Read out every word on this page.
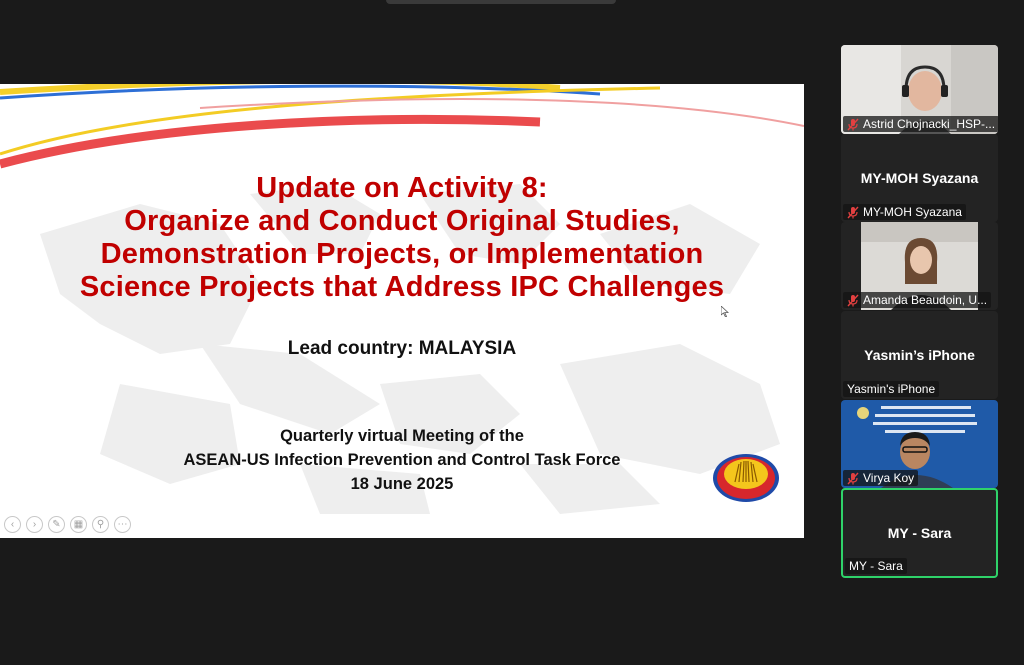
Update on Activity 8:
Organize and Conduct Original Studies,
Demonstration Projects, or Implementation
Science Projects that Address IPC Challenges
Lead country: MALAYSIA
Quarterly virtual Meeting of the
ASEAN-US Infection Prevention and Control Task Force
18 June 2025
‹	›	✎	▦	⚲	⋯
Astrid Chojnacki_HSP-...
MY-MOH Syazana
MY-MOH Syazana
Amanda Beaudoin, U...
Yasmin’s iPhone
Yasmin's iPhone
Virya Koy
MY - Sara
MY - Sara
